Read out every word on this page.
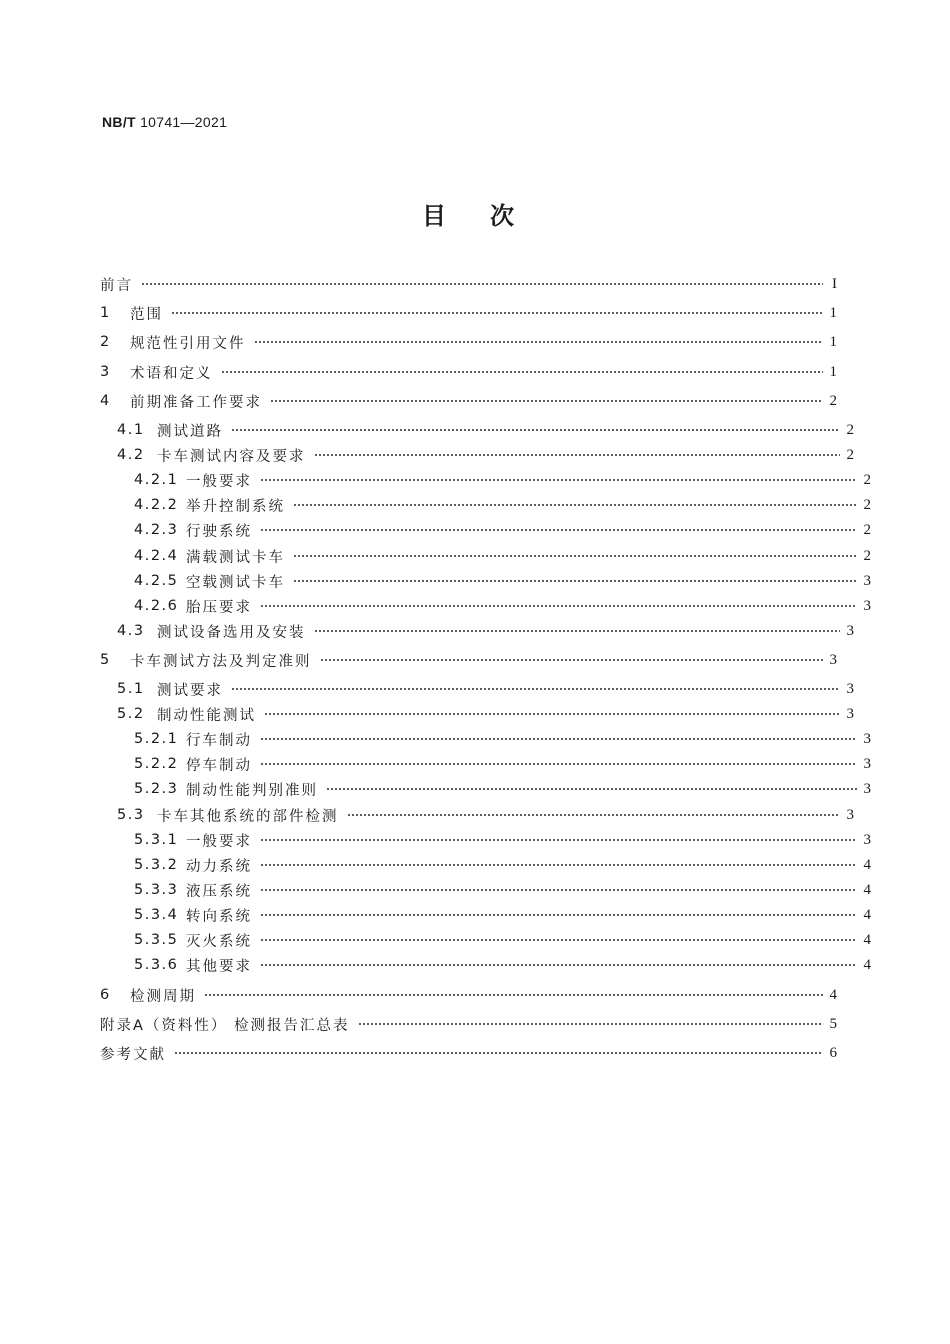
NB/T 10741—2021
目次
前言	I
1 范围	1
2 规范性引用文件	1
3 术语和定义	1
4 前期准备工作要求	2
4.1 测试道路	2
4.2 卡车测试内容及要求	2
4.2.1 一般要求	2
4.2.2 举升控制系统	2
4.2.3 行驶系统	2
4.2.4 满载测试卡车	2
4.2.5 空载测试卡车	3
4.2.6 胎压要求	3
4.3 测试设备选用及安装	3
5 卡车测试方法及判定准则	3
5.1 测试要求	3
5.2 制动性能测试	3
5.2.1 行车制动	3
5.2.2 停车制动	3
5.2.3 制动性能判别准则	3
5.3 卡车其他系统的部件检测	3
5.3.1 一般要求	3
5.3.2 动力系统	4
5.3.3 液压系统	4
5.3.4 转向系统	4
5.3.5 灭火系统	4
5.3.6 其他要求	4
6 检测周期	4
附录A（资料性） 检测报告汇总表	5
参考文献	6
